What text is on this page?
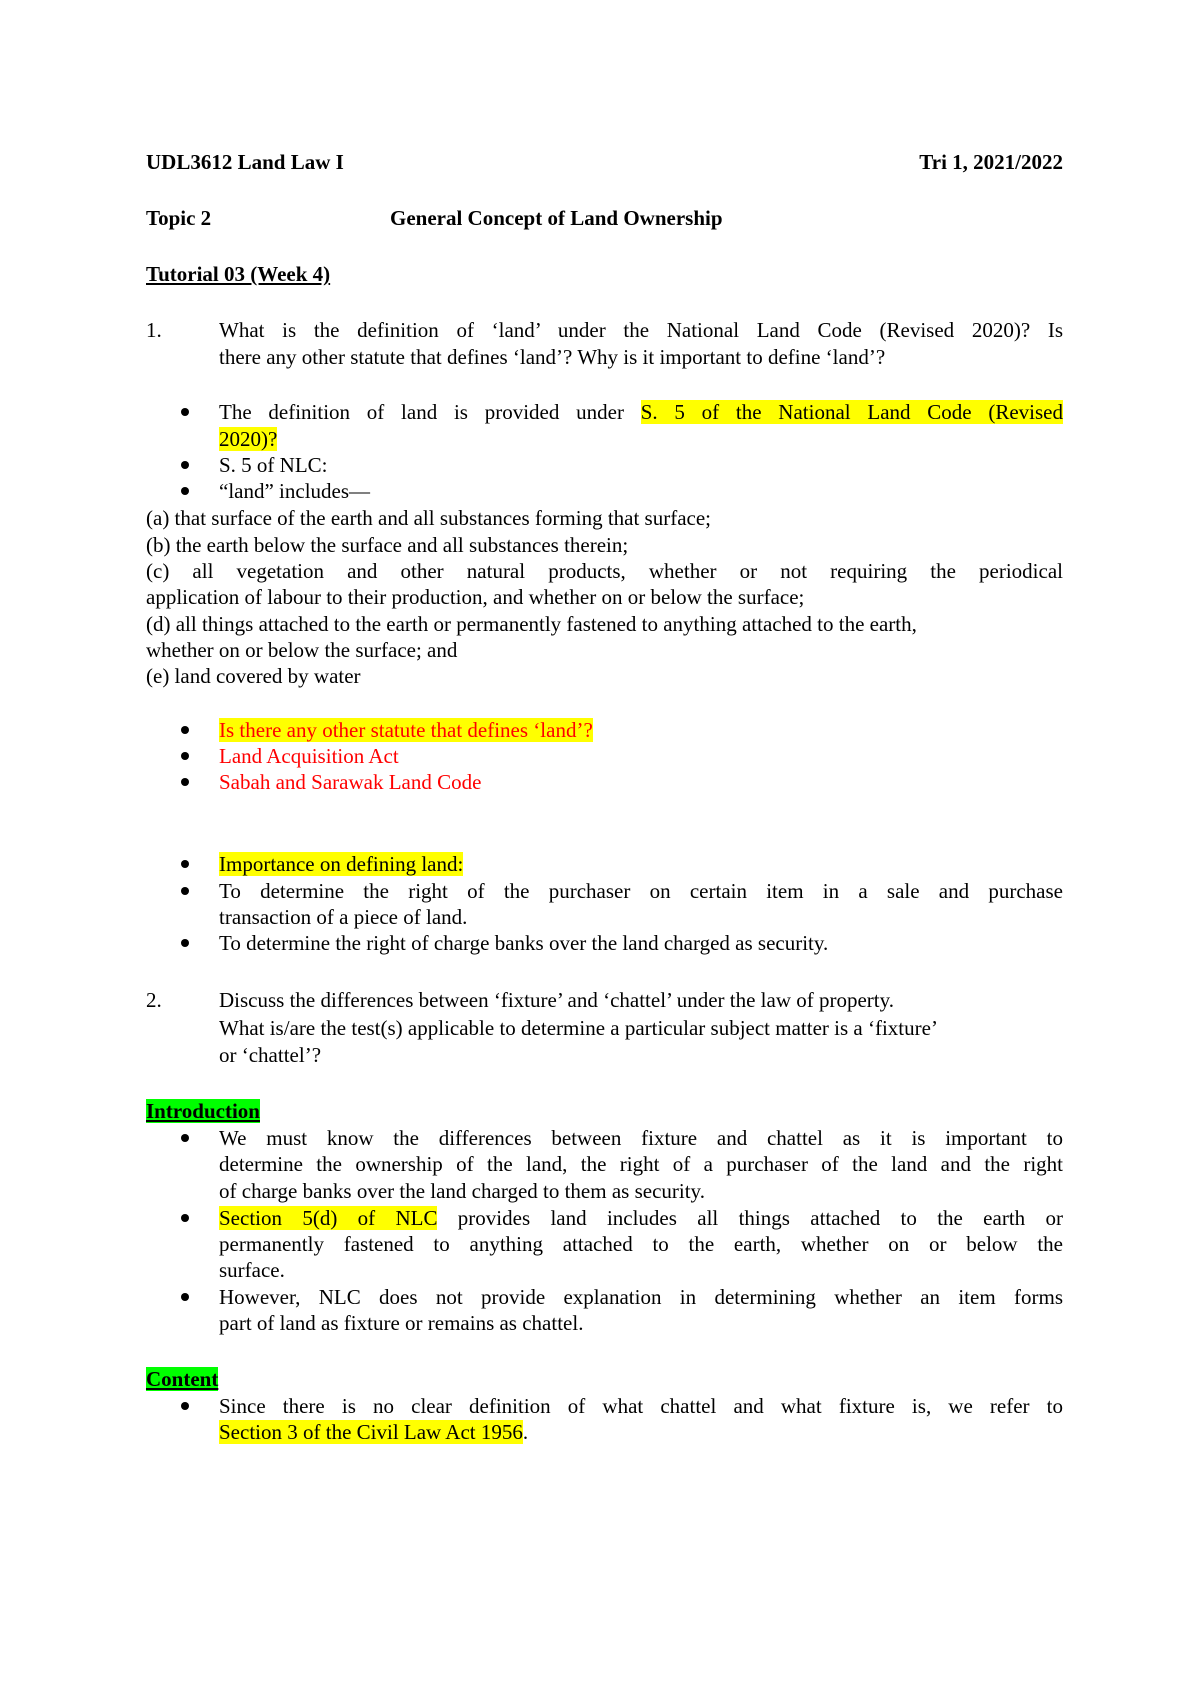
UDL3612 Land Law I	Tri 1, 2021/2022
Topic 2	General Concept of Land Ownership
Tutorial 03 (Week 4)
1.	What is the definition of ‘land’ under the National Land Code (Revised 2020)? Is
there any other statute that defines ‘land’? Why is it important to define ‘land’?
The definition of land is provided under S. 5 of the National Land Code (Revised
2020)?
S. 5 of NLC:
“land” includes—
(a) that surface of the earth and all substances forming that surface;
(b) the earth below the surface and all substances therein;
(c) all vegetation and other natural products, whether or not requiring the periodical
application of labour to their production, and whether on or below the surface;
(d) all things attached to the earth or permanently fastened to anything attached to the earth,
whether on or below the surface; and
(e) land covered by water
Is there any other statute that defines ‘land’?
Land Acquisition Act
Sabah and Sarawak Land Code
Importance on defining land:
To determine the right of the purchaser on certain item in a sale and purchase
transaction of a piece of land.
To determine the right of charge banks over the land charged as security.
2.	Discuss the differences between ‘fixture’ and ‘chattel’ under the law of property.
What is/are the test(s) applicable to determine a particular subject matter is a ‘fixture’
or ‘chattel’?
Introduction
We must know the differences between fixture and chattel as it is important to
determine the ownership of the land, the right of a purchaser of the land and the right
of charge banks over the land charged to them as security.
Section 5(d) of NLC provides land includes all things attached to the earth or
permanently fastened to anything attached to the earth, whether on or below the
surface.
However, NLC does not provide explanation in determining whether an item forms
part of land as fixture or remains as chattel.
Content
Since there is no clear definition of what chattel and what fixture is, we refer to
Section 3 of the Civil Law Act 1956.
